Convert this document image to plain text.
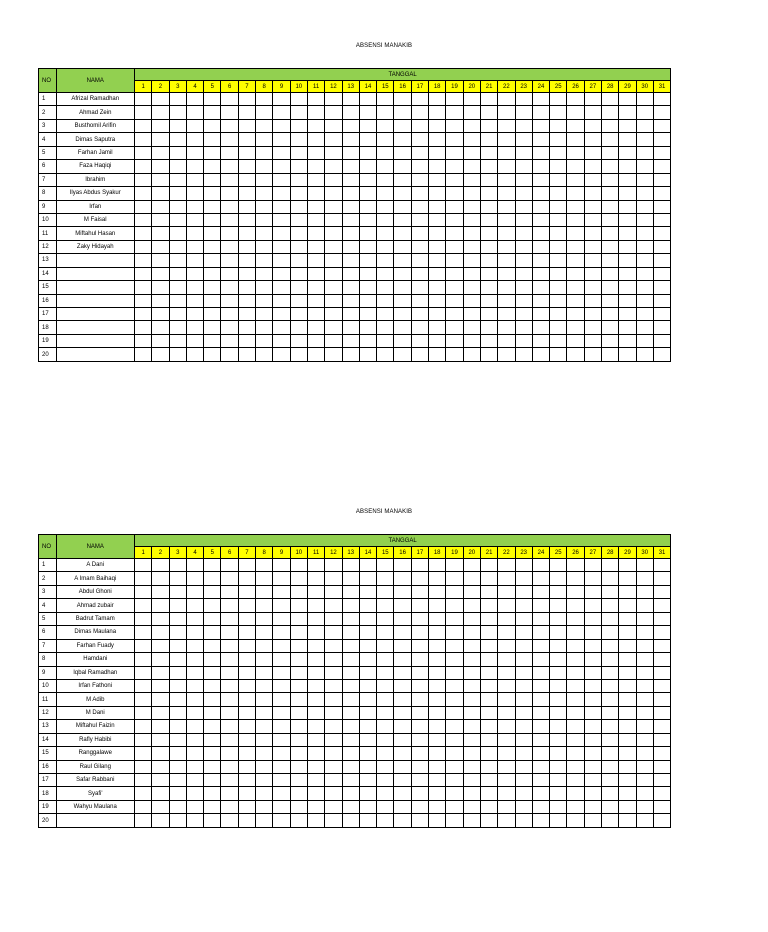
ABSENSI MANAKIB
NO	NAMA	TANGGAL																														
		1	2	3	4	5	6	7	8	9	10	11	12	13	14	15	16	17	18	19	20	21	22	23	24	25	26	27	28	29	30	31
1	Afrizal Ramadhan																															
2	Ahmad Zein																															
3	Busthomil Arifin																															
4	Dimas Saputra																															
5	Farhan Jamil																															
6	Faza Haqiqi																															
7	Ibrahim																															
8	Ilyas Abdus Syakur																															
9	Irfan																															
10	M Faisal																															
11	Miftahul Hasan																															
12	Zaky Hidayah																															
13																																
14																																
15																																
16																																
17																																
18																																
19																																
20																																
ABSENSI MANAKIB
NO	NAMA	TANGGAL																														
		1	2	3	4	5	6	7	8	9	10	11	12	13	14	15	16	17	18	19	20	21	22	23	24	25	26	27	28	29	30	31
1	A Dani																															
2	A Imam Baihaqi																															
3	Abdul Ghoni																															
4	Ahmad zubair																															
5	Badrut Tamam																															
6	Dimas Maulana																															
7	Farhan Fuady																															
8	Hamdani																															
9	Iqbal Ramadhan																															
10	Irfan Fathoni																															
11	M Adib																															
12	M Dani																															
13	Miftahul Faizin																															
14	Rafly Habibi																															
15	Ranggalawe																															
16	Raul Gilang																															
17	Safar Rabbani																															
18	Syafi'																															
19	Wahyu Maulana																															
20																																
